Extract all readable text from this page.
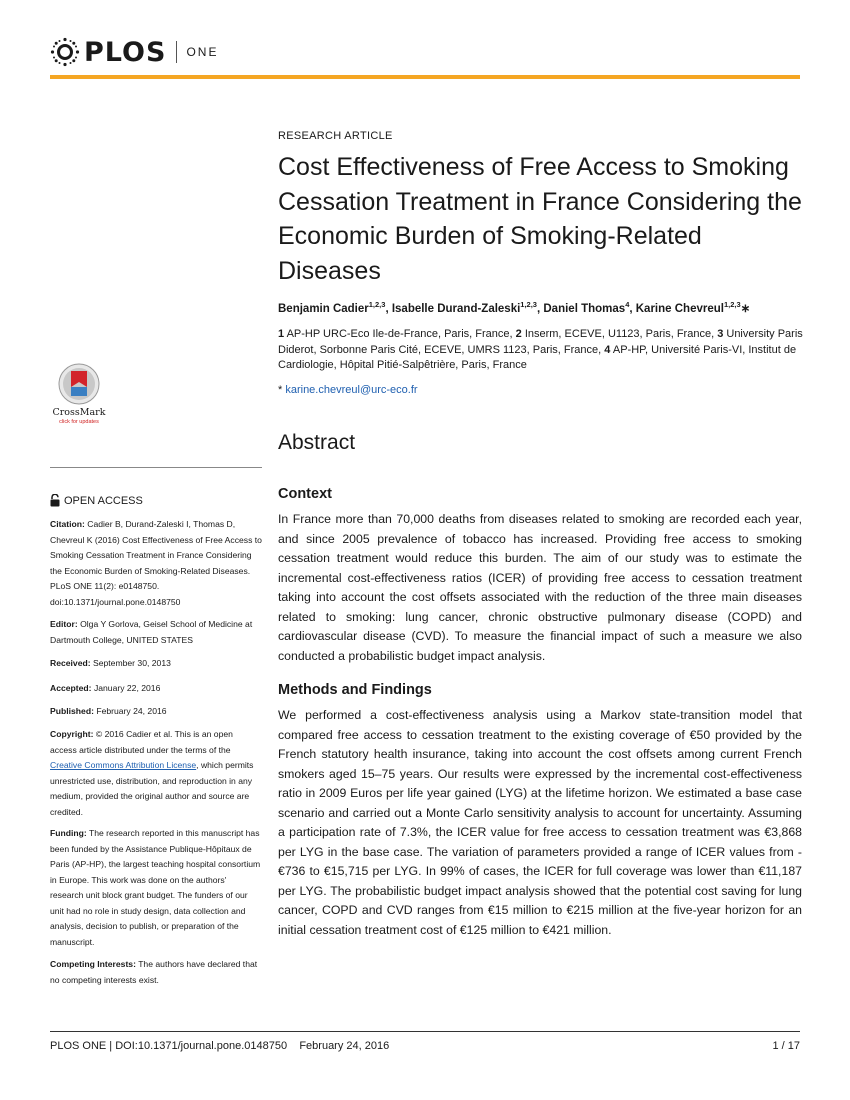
PLOS ONE
RESEARCH ARTICLE
Cost Effectiveness of Free Access to Smoking Cessation Treatment in France Considering the Economic Burden of Smoking-Related Diseases
Benjamin Cadier$^{1,2,3}$, Isabelle Durand-Zaleski$^{1,2,3}$, Daniel Thomas$^4$, Karine Chevreul$^{1,2,3}$∗
1 AP-HP URC-Eco Ile-de-France, Paris, France, 2 Inserm, ECEVE, U1123, Paris, France, 3 University Paris Diderot, Sorbonne Paris Cité, ECEVE, UMRS 1123, Paris, France, 4 AP-HP, Université Paris-VI, Institut de Cardiologie, Hôpital Pitié-Salpêtrière, Paris, France
* karine.chevreul@urc-eco.fr
Abstract
Context

In France more than 70,000 deaths from diseases related to smoking are recorded each year, and since 2005 prevalence of tobacco has increased. Providing free access to smoking cessation treatment would reduce this burden. The aim of our study was to estimate the incremental cost-effectiveness ratios (ICER) of providing free access to cessation treatment taking into account the cost offsets associated with the reduction of the three main diseases related to smoking: lung cancer, chronic obstructive pulmonary disease (COPD) and cardiovascular disease (CVD). To measure the financial impact of such a measure we also conducted a probabilistic budget impact analysis.

Methods and Findings

We performed a cost-effectiveness analysis using a Markov state-transition model that compared free access to cessation treatment to the existing coverage of €50 provided by the French statutory health insurance, taking into account the cost offsets among current French smokers aged 15–75 years. Our results were expressed by the incremental cost-effectiveness ratio in 2009 Euros per life year gained (LYG) at the lifetime horizon. We estimated a base case scenario and carried out a Monte Carlo sensitivity analysis to account for uncertainty. Assuming a participation rate of 7.3%, the ICER value for free access to cessation treatment was €3,868 per LYG in the base case. The variation of parameters provided a range of ICER values from -€736 to €15,715 per LYG. In 99% of cases, the ICER for full coverage was lower than €11,187 per LYG. The probabilistic budget impact analysis showed that the potential cost saving for lung cancer, COPD and CVD ranges from €15 million to €215 million at the five-year horizon for an initial cessation treatment cost of €125 million to €421 million.

CrossMark
click for updates
OPEN ACCESS
Citation: Cadier B, Durand-Zaleski I, Thomas D, Chevreul K (2016) Cost Effectiveness of Free Access to Smoking Cessation Treatment in France Considering the Economic Burden of Smoking-Related Diseases. PLoS ONE 11(2): e0148750. doi:10.1371/journal.pone.0148750
Editor: Olga Y Gorlova, Geisel School of Medicine at Dartmouth College, UNITED STATES
Received: September 30, 2013
Accepted: January 22, 2016
Published: February 24, 2016
Copyright: © 2016 Cadier et al. This is an open access article distributed under the terms of the Creative Commons Attribution License, which permits unrestricted use, distribution, and reproduction in any medium, provided the original author and source are credited.
Funding: The research reported in this manuscript has been funded by the Assistance Publique-Hôpitaux de Paris (AP-HP), the largest teaching hospital consortium in Europe. This work was done on the authors' research unit block grant budget. The funders of our unit had no role in study design, data collection and analysis, decision to publish, or preparation of the manuscript.
Competing Interests: The authors have declared that no competing interests exist.
PLOS ONE | DOI:10.1371/journal.pone.0148750 February 24, 2016	1 / 17
